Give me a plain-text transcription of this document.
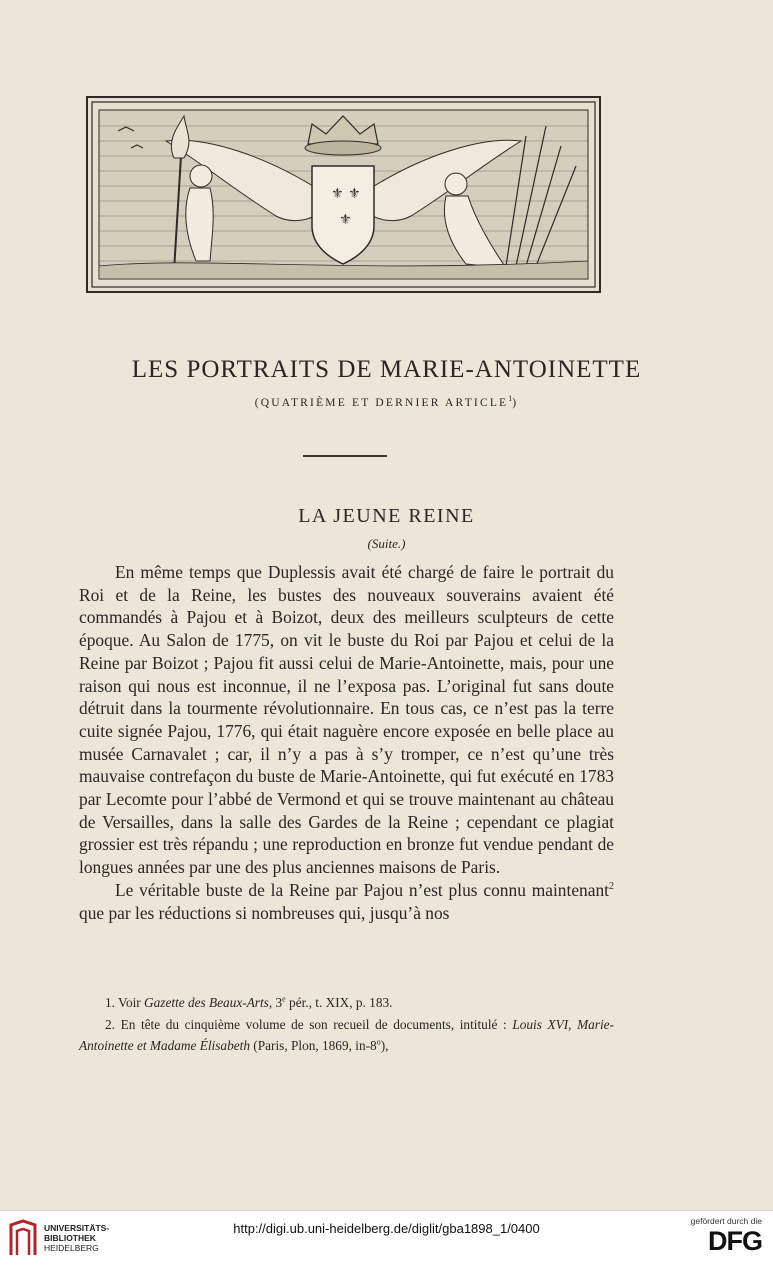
⚜ ⚜
⚜
LES PORTRAITS DE MARIE-ANTOINETTE
(QUATRIÈME ET DERNIER ARTICLE$^1$)
LA JEUNE REINE
(Suite.)

En même temps que Duplessis avait été chargé de faire le portrait du Roi et de la Reine, les bustes des nouveaux souverains avaient été commandés à Pajou et à Boizot, deux des meilleurs sculpteurs de cette époque. Au Salon de 1775, on vit le buste du Roi par Pajou et celui de la Reine par Boizot ; Pajou fit aussi celui de Marie-Antoinette, mais, pour une raison qui nous est inconnue, il ne l’exposa pas. L’original fut sans doute détruit dans la tourmente révolutionnaire. En tous cas, ce n’est pas la terre cuite signée Pajou, 1776, qui était naguère encore exposée en belle place au musée Carnavalet ; car, il n’y a pas à s’y tromper, ce n’est qu’une très mauvaise contrefaçon du buste de Marie-Antoinette, qui fut exécuté en 1783 par Lecomte pour l’abbé de Vermond et qui se trouve maintenant au château de Versailles, dans la salle des Gardes de la Reine ; cependant ce plagiat grossier est très répandu ; une reproduction en bronze fut vendue pendant de longues années par une des plus anciennes maisons de Paris.

Le véritable buste de la Reine par Pajou n’est plus connu maintenant$^2$ que par les réductions si nombreuses qui, jusqu’à nos

1. Voir Gazette des Beaux-Arts, 3e pér., t. XIX, p. 183.

2. En tête du cinquième volume de son recueil de documents, intitulé : Louis XVI, Marie-Antoinette et Madame Élisabeth (Paris, Plon, 1869, in-8$^o$),

UNIVERSITÄTS-
BIBLIOTHEK
HEIDELBERG
http://digi.ub.uni-heidelberg.de/diglit/gba1898_1/0400	gefördert durch die
DFG
